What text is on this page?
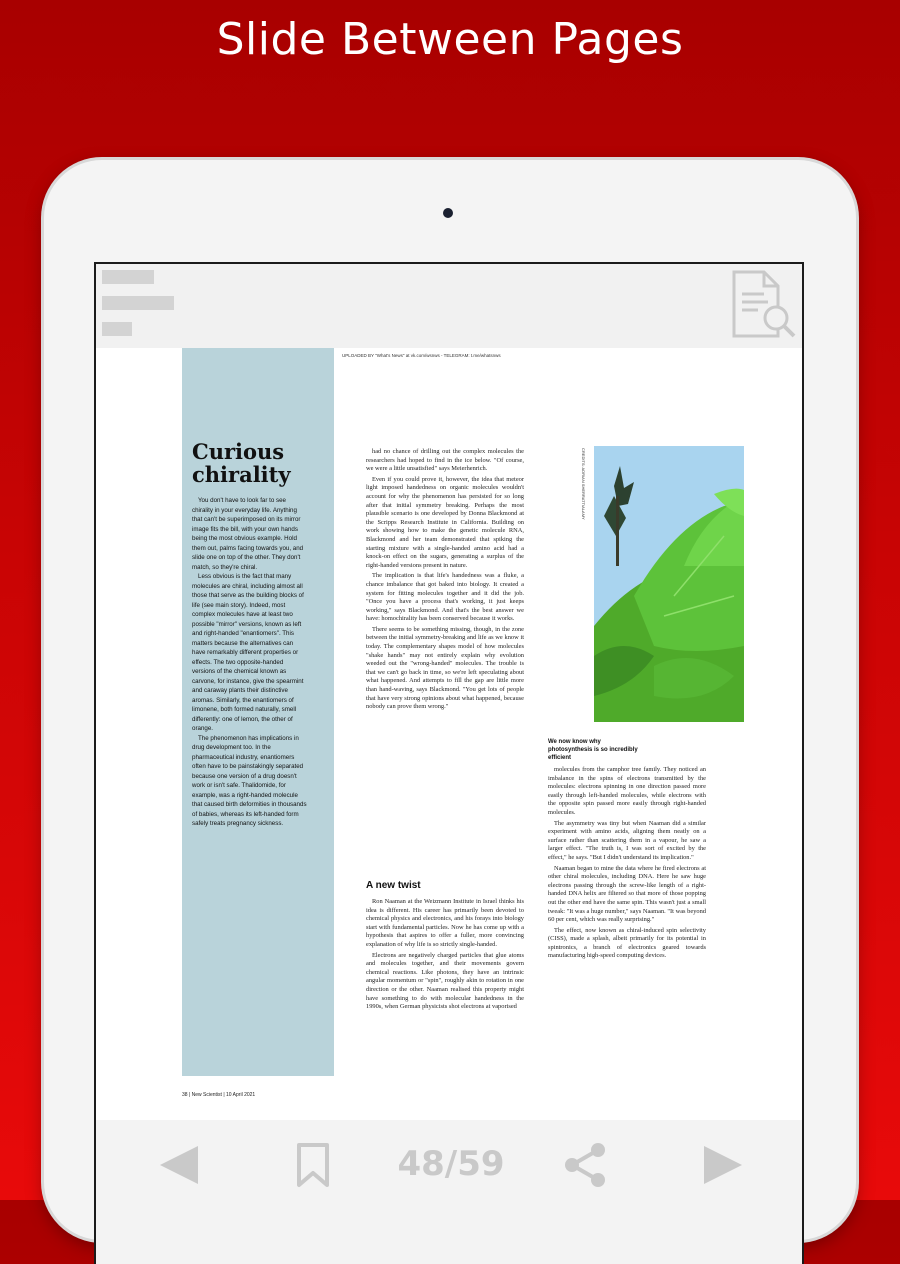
Slide Between Pages
Curious chirality

You don't have to look far to see chirality in your everyday life. Anything that can't be superimposed on its mirror image fits the bill, with your own hands being the most obvious example. Hold them out, palms facing towards you, and slide one on top of the other. They don't match, so they're chiral.

Less obvious is the fact that many molecules are chiral, including almost all those that serve as the building blocks of life (see main story). Indeed, most complex molecules have at least two possible "mirror" versions, known as left and right-handed "enantiomers". This matters because the alternatives can have remarkably different properties or effects. The two opposite-handed versions of the chemical known as carvone, for instance, give the spearmint and caraway plants their distinctive aromas. Similarly, the enantiomers of limonene, both formed naturally, smell differently: one of lemon, the other of orange.

The phenomenon has implications in drug development too. In the pharmaceutical industry, enantiomers often have to be painstakingly separated because one version of a drug doesn't work or isn't safe. Thalidomide, for example, was a right-handed molecule that caused birth deformities in thousands of babies, whereas its left-handed form safely treats pregnancy sickness.

UPLOADED BY "What's News" at vk.com/wsnws - TELEGRAM: t.me/whatsnws

had no chance of drilling out the complex molecules the researchers had hoped to find in the ice below. "Of course, we were a little unsatisfied" says Meierhenrich.

Even if you could prove it, however, the idea that meteor light imposed handedness on organic molecules wouldn't account for why the phenomenon has persisted for so long after that initial symmetry breaking. Perhaps the most plausible scenario is one developed by Donna Blackmond at the Scripps Research Institute in California. Building on work showing how to make the genetic molecule RNA, Blackmond and her team demonstrated that spiking the starting mixture with a single-handed amino acid had a knock-on effect on the sugars, generating a surplus of the right-handed versions present in nature.

The implication is that life's handedness was a fluke, a chance imbalance that got baked into biology. It created a system for fitting molecules together and it did the job. "Once you have a process that's working, it just keeps working," says Blackmond. And that's the best answer we have: homochirality has been conserved because it works.

There seems to be something missing, though, in the zone between the initial symmetry-breaking and life as we know it today. The complementary shapes model of how molecules "shake hands" may not entirely explain why evolution weeded out the "wrong-handed" molecules. The trouble is that we can't go back in time, so we're left speculating about what happened. And attempts to fill the gap are little more than hand-waving, says Blackmond. "You get lots of people that have very strong opinions about what happened, because nobody can prove them wrong."

A new twist

Ron Naaman at the Weizmann Institute in Israel thinks his idea is different. His career has primarily been devoted to chemical physics and electronics, and his forays into biology start with fundamental particles. Now he has come up with a hypothesis that aspires to offer a fuller, more convincing explanation of why life is so strictly single-handed.

Electrons are negatively charged particles that glue atoms and molecules together, and their movements govern chemical reactions. Like photons, they have an intrinsic angular momentum or "spin", roughly akin to rotation in one direction or the other. Naaman realised this property might have something to do with molecular handedness in the 1990s, when German physicists shot electrons at vaporised

CREDITS: ADRIAN SHERRATT/ALAMY
We now know why photosynthesis is so incredibly efficient

molecules from the camphor tree family. They noticed an imbalance in the spins of electrons transmitted by the molecules: electrons spinning in one direction passed more easily through left-handed molecules, while electrons with the opposite spin passed more easily through right-handed molecules.

The asymmetry was tiny but when Naaman did a similar experiment with amino acids, aligning them neatly on a surface rather than scattering them in a vapour, he saw a larger effect. "The truth is, I was sort of excited by the effect," he says. "But I didn't understand its implication."

Naaman began to mine the data where he fired electrons at other chiral molecules, including DNA. Here he saw huge electrons passing through the screw-like length of a right-handed DNA helix are filtered so that more of those popping out the other end have the same spin. This wasn't just a small tweak: "It was a huge number," says Naaman. "It was beyond 60 per cent, which was really surprising."

The effect, now known as chiral-induced spin selectivity (CISS), made a splash, albeit primarily for its potential in spintronics, a branch of electronics geared towards manufacturing high-speed computing devices.

38 | New Scientist | 10 April 2021
48/59
